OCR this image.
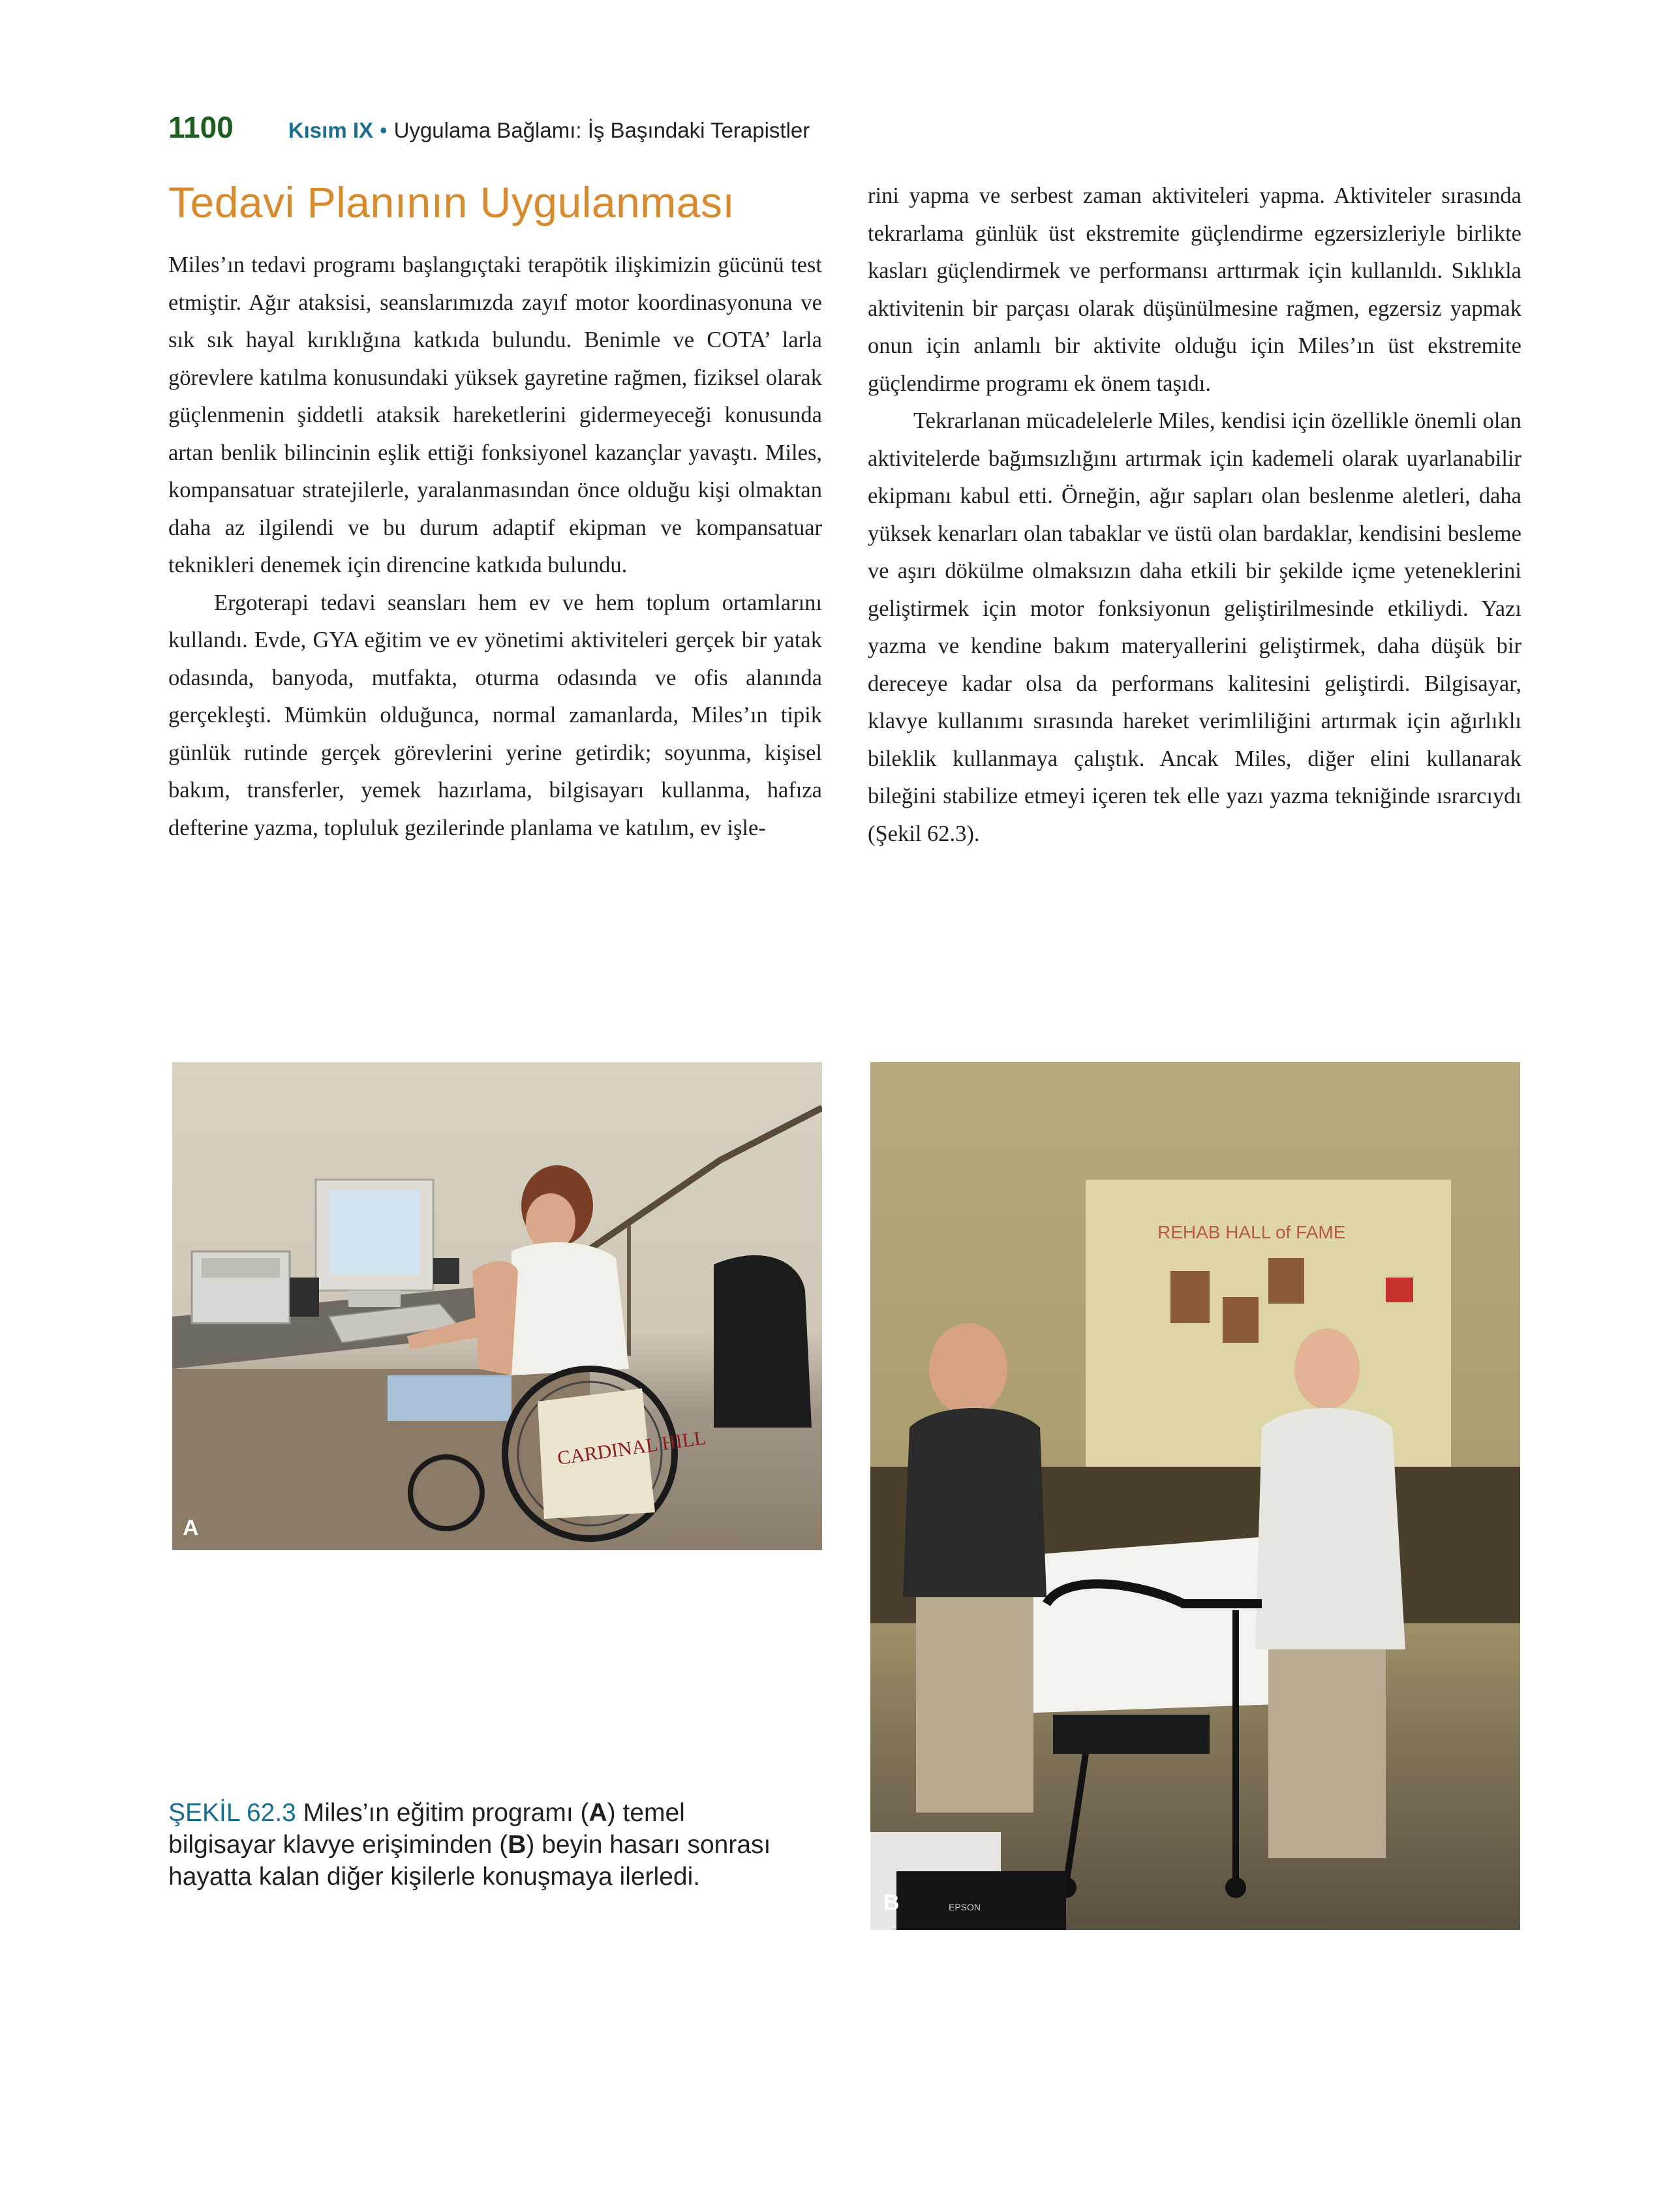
1100	Kısım IX • Uygulama Bağlamı: İş Başındaki Terapistler
Tedavi Planının Uygulanması

Miles’ın tedavi programı başlangıçtaki terapötik ilişkimizin gücünü test etmiştir. Ağır ataksisi, seanslarımızda zayıf motor koordinasyonuna ve sık sık hayal kırıklığına katkıda bulundu. Benimle ve COTA’ larla görevlere katılma konusundaki yüksek gayretine rağmen, fiziksel olarak güçlenmenin şiddetli ataksik hareketlerini gidermeyeceği konusunda artan benlik bilincinin eşlik ettiği fonksiyonel kazançlar yavaştı. Miles, kompansatuar stratejilerle, yaralanmasından önce olduğu kişi olmaktan daha az ilgilendi ve bu durum adaptif ekipman ve kompansatuar teknikleri denemek için direncine katkıda bulundu.

Ergoterapi tedavi seansları hem ev ve hem toplum ortamlarını kullandı. Evde, GYA eğitim ve ev yönetimi aktiviteleri gerçek bir yatak odasında, banyoda, mutfakta, oturma odasında ve ofis alanında gerçekleşti. Mümkün olduğunca, normal zamanlarda, Miles’ın tipik günlük rutinde gerçek görevlerini yerine getirdik; soyunma, kişisel bakım, transferler, yemek hazırlama, bilgisayarı kullanma, hafıza defterine yazma, topluluk gezilerinde planlama ve katılım, ev işle-

rini yapma ve serbest zaman aktiviteleri yapma. Aktiviteler sırasında tekrarlama günlük üst ekstremite güçlendirme egzersizleriyle birlikte kasları güçlendirmek ve performansı arttırmak için kullanıldı. Sıklıkla aktivitenin bir parçası olarak düşünülmesine rağmen, egzersiz yapmak onun için anlamlı bir aktivite olduğu için Miles’ın üst ekstremite güçlendirme programı ek önem taşıdı.

Tekrarlanan mücadelelerle Miles, kendisi için özellikle önemli olan aktivitelerde bağımsızlığını artırmak için kademeli olarak uyarlanabilir ekipmanı kabul etti. Örneğin, ağır sapları olan beslenme aletleri, daha yüksek kenarları olan tabaklar ve üstü olan bardaklar, kendisini besleme ve aşırı dökülme olmaksızın daha etkili bir şekilde içme yeteneklerini geliştirmek için motor fonksiyonun geliştirilmesinde etkiliydi. Yazı yazma ve kendine bakım materyallerini geliştirmek, daha düşük bir dereceye kadar olsa da performans kalitesini geliştirdi. Bilgisayar, klavye kullanımı sırasında hareket verimliliğini artırmak için ağırlıklı bileklik kullanmaya çalıştık. Ancak Miles, diğer elini kullanarak bileğini stabilize etmeyi içeren tek elle yazı yazma tekniğinde ısrarcıydı (Şekil 62.3).

CARDINAL HILL
A
REHAB HALL of FAME
EPSON
B
ŞEKİL 62.3 Miles’ın eğitim programı (A) temel bilgisayar klavye erişiminden (B) beyin hasarı sonrası hayatta kalan diğer kişilerle konuşmaya ilerledi.
